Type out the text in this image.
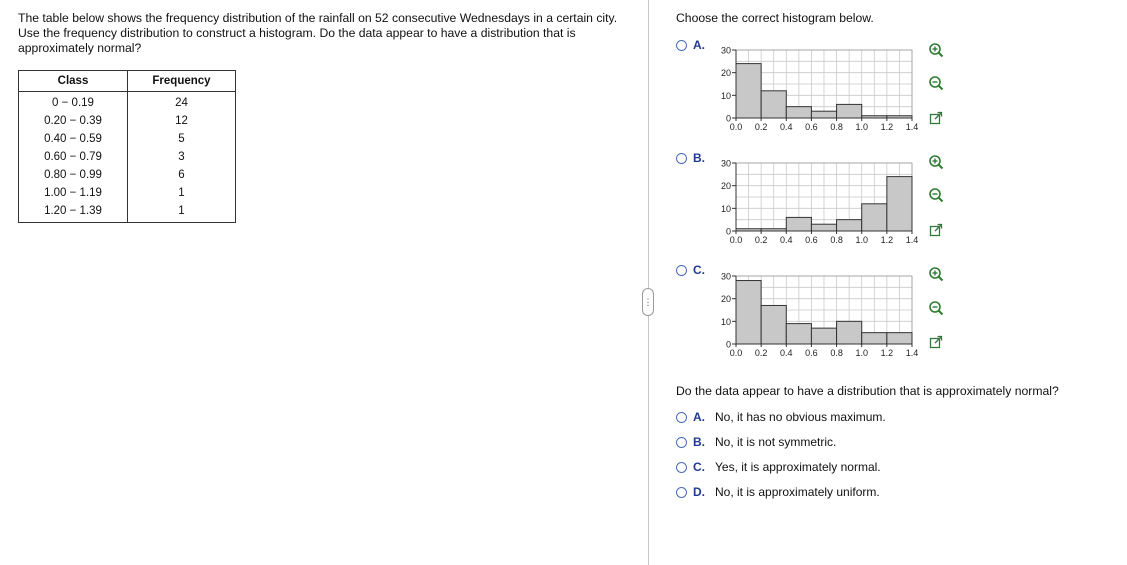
The table below shows the frequency distribution of the rainfall on 52 consecutive Wednesdays in a certain city. Use the frequency distribution to construct a histogram. Do the data appear to have a distribution that is approximately normal?
Class	Frequency
0 − 0.19	24
0.20 − 0.39	12
0.40 − 0.59	5
0.60 − 0.79	3
0.80 − 0.99	6
1.00 − 1.19	1
1.20 − 1.39	1
⋮
Choose the correct histogram below.
A.
B.
C.
Do the data appear to have a distribution that is approximately normal?
A. No, it has no obvious maximum.
B. No, it is not symmetric.
C. Yes, it is approximately normal.
D. No, it is approximately uniform.
0
10
20
30
0.0 0.2 0.4 0.6 0.8 1.0 1.2 1.4
0
10
20
30
0.0 0.2 0.4 0.6 0.8 1.0 1.2 1.4
0
10
20
30
0.0 0.2 0.4 0.6 0.8 1.0 1.2 1.4
